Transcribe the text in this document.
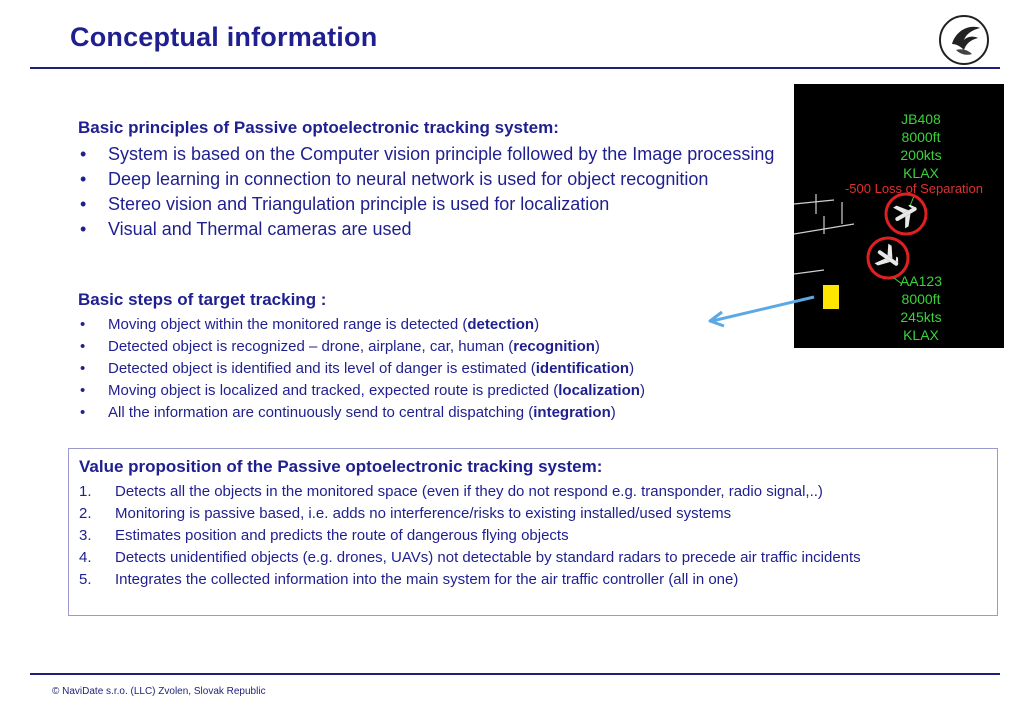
Conceptual information
Basic principles of Passive optoelectronic tracking system:
• System is based on the Computer vision principle followed by the Image processing
• Deep learning in connection to neural network is used for object recognition
• Stereo vision and Triangulation principle is used for localization
• Visual and Thermal cameras are used
Basic steps of target tracking :
• Moving object within the monitored range is detected (detection)
• Detected object is recognized – drone, airplane, car, human (recognition)
• Detected object is identified and its level of danger is estimated (identification)
• Moving object is localized and tracked, expected route is predicted (localization)
• All the information are continuously send to central dispatching (integration)
JB408
8000ft
200kts
KLAX
-500 Loss of Separation
AA123
8000ft
245kts
KLAX
Value proposition of the Passive optoelectronic tracking system:
1. Detects all the objects in the monitored space (even if they do not respond e.g. transponder, radio signal,..)
2. Monitoring is passive based, i.e. adds no interference/risks to existing installed/used systems
3. Estimates position and predicts the route of dangerous flying objects
4. Detects unidentified objects (e.g. drones, UAVs) not detectable by standard radars to precede air traffic incidents
5. Integrates the collected information into the main system for the air traffic controller (all in one)
© NaviDate s.r.o. (LLC) Zvolen, Slovak Republic
